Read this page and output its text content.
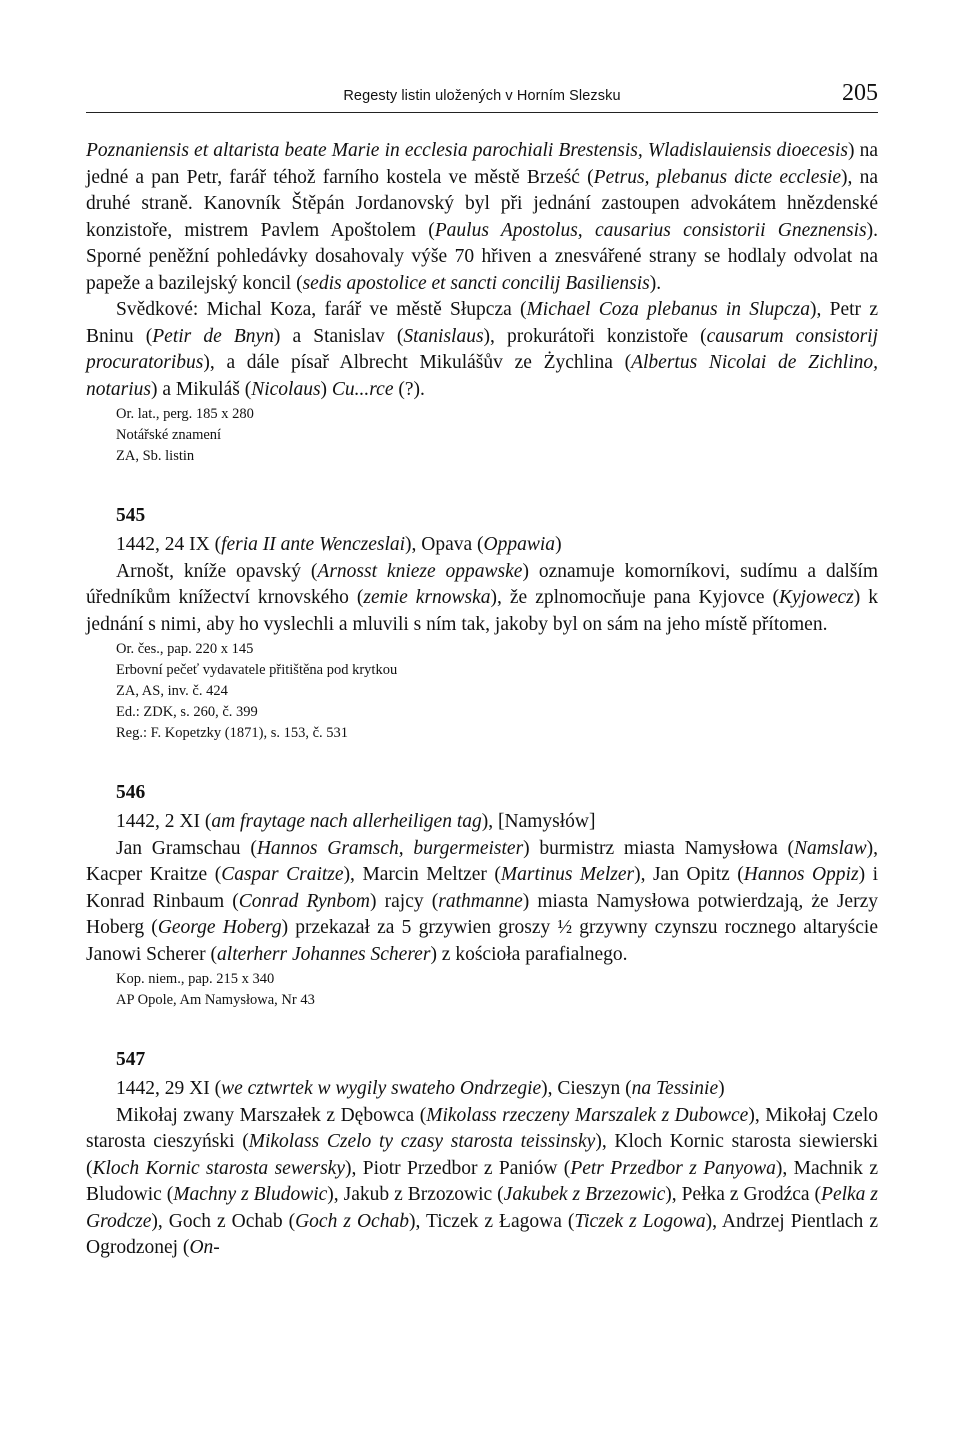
Regesty listin uložených v Horním Slezsku	205

Poznaniensis et altarista beate Marie in ecclesia parochiali Brestensis, Wladislauiensis dioecesis) na jedné a pan Petr, farář téhož farního kostela ve městě Brześć (Petrus, plebanus dicte ecclesie), na druhé straně. Kanovník Štěpán Jordanovský byl při jednání zastoupen advokátem hnězdenské konzistoře, mistrem Pavlem Apoštolem (Paulus Apostolus, causarius consistorii Gneznensis). Sporné peněžní pohledávky dosahovaly výše 70 hřiven a znesvářené strany se hodlaly odvolat na papeže a bazilejský koncil (sedis apostolice et sancti concilij Basiliensis).

Svědkové: Michal Koza, farář ve městě Słupcza (Michael Coza plebanus in Slupcza), Petr z Bninu (Petir de Bnyn) a Stanislav (Stanislaus), prokurátoři konzistoře (causarum consistorij procuratoribus), a dále písař Albrecht Mikulášův ze Żychlina (Albertus Nicolai de Zichlino, notarius) a Mikuláš (Nicolaus) Cu...rce (?).

Or. lat., perg. 185 x 280
Notářské znamení
ZA, Sb. listin
545
1442, 24 IX (feria II ante Wenczeslai), Opava (Oppawia)

Arnošt, kníže opavský (Arnosst knieze oppawske) oznamuje komorníkovi, sudímu a dalším úředníkům knížectví krnovského (zemie krnowska), že zplnomocňuje pana Kyjovce (Kyjowecz) k jednání s nimi, aby ho vyslechli a mluvili s ním tak, jakoby byl on sám na jeho místě přítomen.

Or. čes., pap. 220 x 145
Erbovní pečeť vydavatele přitištěna pod krytkou
ZA, AS, inv. č. 424
Ed.: ZDK, s. 260, č. 399
Reg.: F. Kopetzky (1871), s. 153, č. 531
546
1442, 2 XI (am fraytage nach allerheiligen tag), [Namysłów]

Jan Gramschau (Hannos Gramsch, burgermeister) burmistrz miasta Namysłowa (Namslaw), Kacper Kraitze (Caspar Craitze), Marcin Meltzer (Martinus Melzer), Jan Opitz (Hannos Oppiz) i Konrad Rinbaum (Conrad Rynbom) rajcy (rathmanne) miasta Namysłowa potwierdzają, że Jerzy Hoberg (George Hoberg) przekazał za 5 grzywien groszy ½ grzywny czynszu rocznego altaryście Janowi Scherer (alterherr Johannes Scherer) z kościoła parafialnego.

Kop. niem., pap. 215 x 340
AP Opole, Am Namysłowa, Nr 43
547
1442, 29 XI (we cztwrtek w wygily swateho Ondrzegie), Cieszyn (na Tessinie)

Mikołaj zwany Marszałek z Dębowca (Mikolass rzeczeny Marszalek z Dubowce), Mikołaj Czelo starosta cieszyński (Mikolass Czelo ty czasy starosta teissinsky), Kloch Kornic starosta siewierski (Kloch Kornic starosta sewersky), Piotr Przedbor z Paniów (Petr Przedbor z Panyowa), Machnik z Bludowic (Machny z Bludowic), Jakub z Brzozowic (Jakubek z Brzezowic), Pełka z Grodźca (Pelka z Grodcze), Goch z Ochab (Goch z Ochab), Ticzek z Łagowa (Ticzek z Logowa), Andrzej Pientlach z Ogrodzonej (On-
